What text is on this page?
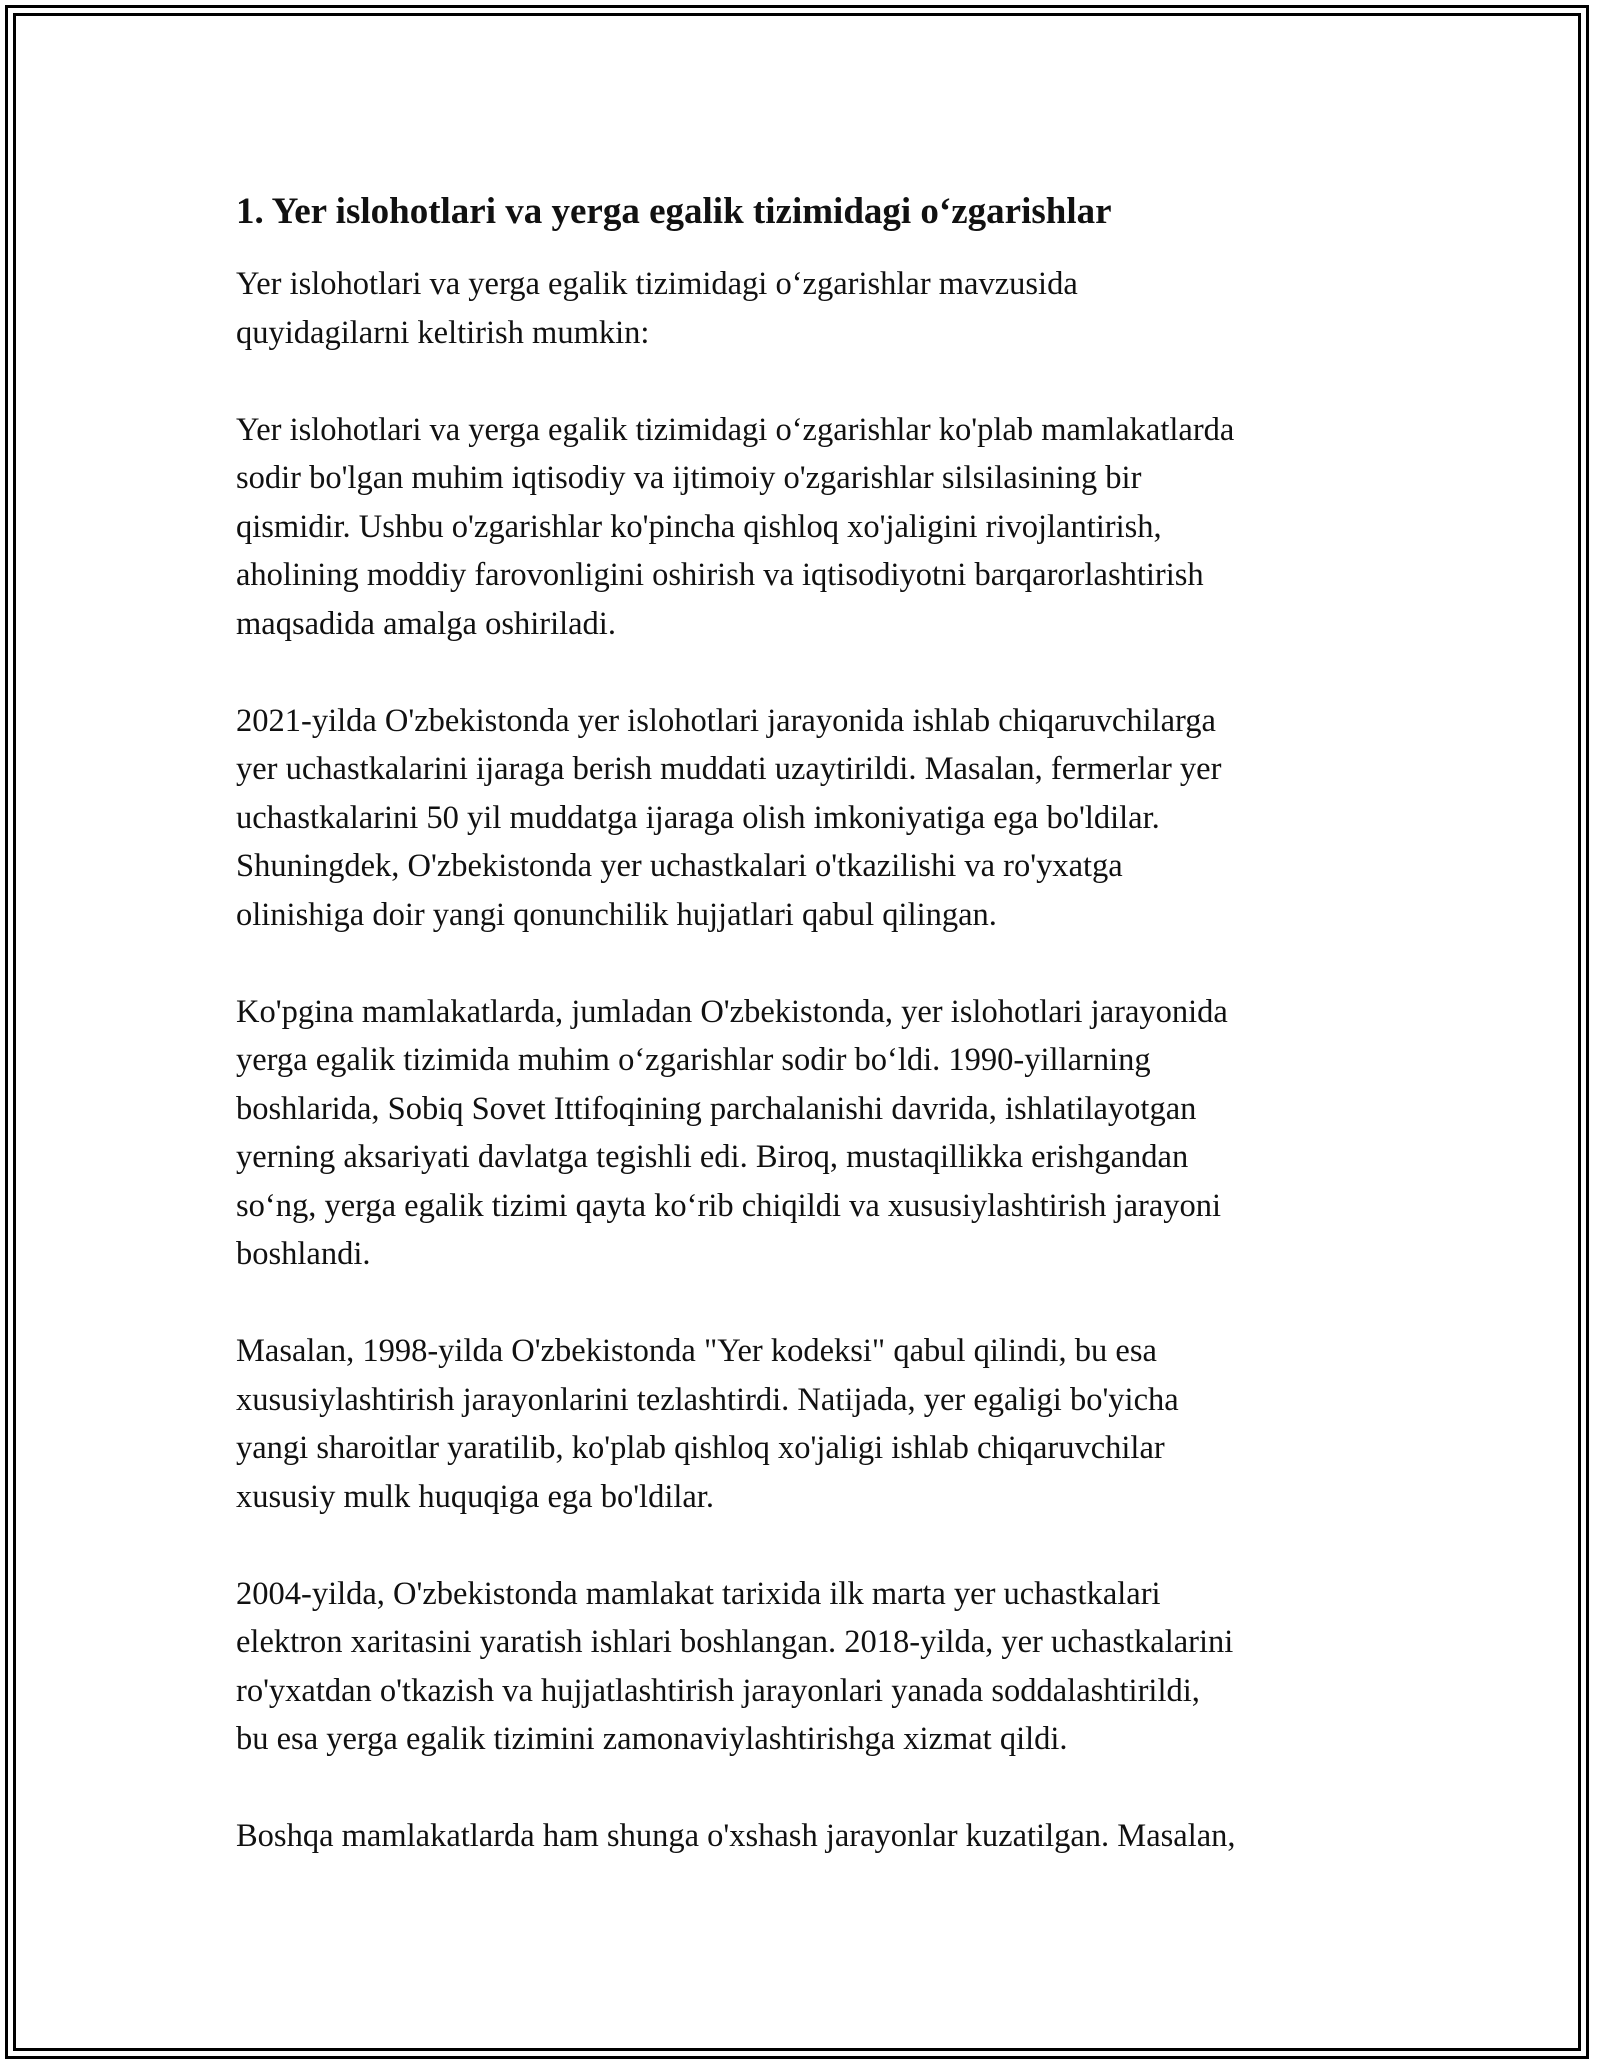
1. Yer islohotlari va yerga egalik tizimidagi o‘zgarishlar
Yer islohotlari va yerga egalik tizimidagi o‘zgarishlar mavzusida
quyidagilarni keltirish mumkin:
Yer islohotlari va yerga egalik tizimidagi o‘zgarishlar ko'plab mamlakatlarda
sodir bo'lgan muhim iqtisodiy va ijtimoiy o'zgarishlar silsilasining bir
qismidir. Ushbu o'zgarishlar ko'pincha qishloq xo'jaligini rivojlantirish,
aholining moddiy farovonligini oshirish va iqtisodiyotni barqarorlashtirish
maqsadida amalga oshiriladi.
2021-yilda O'zbekistonda yer islohotlari jarayonida ishlab chiqaruvchilarga
yer uchastkalarini ijaraga berish muddati uzaytirildi. Masalan, fermerlar yer
uchastkalarini 50 yil muddatga ijaraga olish imkoniyatiga ega bo'ldilar.
Shuningdek, O'zbekistonda yer uchastkalari o'tkazilishi va ro'yxatga
olinishiga doir yangi qonunchilik hujjatlari qabul qilingan.
Ko'pgina mamlakatlarda, jumladan O'zbekistonda, yer islohotlari jarayonida
yerga egalik tizimida muhim o‘zgarishlar sodir bo‘ldi. 1990-yillarning
boshlarida, Sobiq Sovet Ittifoqining parchalanishi davrida, ishlatilayotgan
yerning aksariyati davlatga tegishli edi. Biroq, mustaqillikka erishgandan
so‘ng, yerga egalik tizimi qayta ko‘rib chiqildi va xususiylashtirish jarayoni
boshlandi.
Masalan, 1998-yilda O'zbekistonda "Yer kodeksi" qabul qilindi, bu esa
xususiylashtirish jarayonlarini tezlashtirdi. Natijada, yer egaligi bo'yicha
yangi sharoitlar yaratilib, ko'plab qishloq xo'jaligi ishlab chiqaruvchilar
xususiy mulk huquqiga ega bo'ldilar.
2004-yilda, O'zbekistonda mamlakat tarixida ilk marta yer uchastkalari
elektron xaritasini yaratish ishlari boshlangan. 2018-yilda, yer uchastkalarini
ro'yxatdan o'tkazish va hujjatlashtirish jarayonlari yanada soddalashtirildi,
bu esa yerga egalik tizimini zamonaviylashtirishga xizmat qildi.
Boshqa mamlakatlarda ham shunga o'xshash jarayonlar kuzatilgan. Masalan,
